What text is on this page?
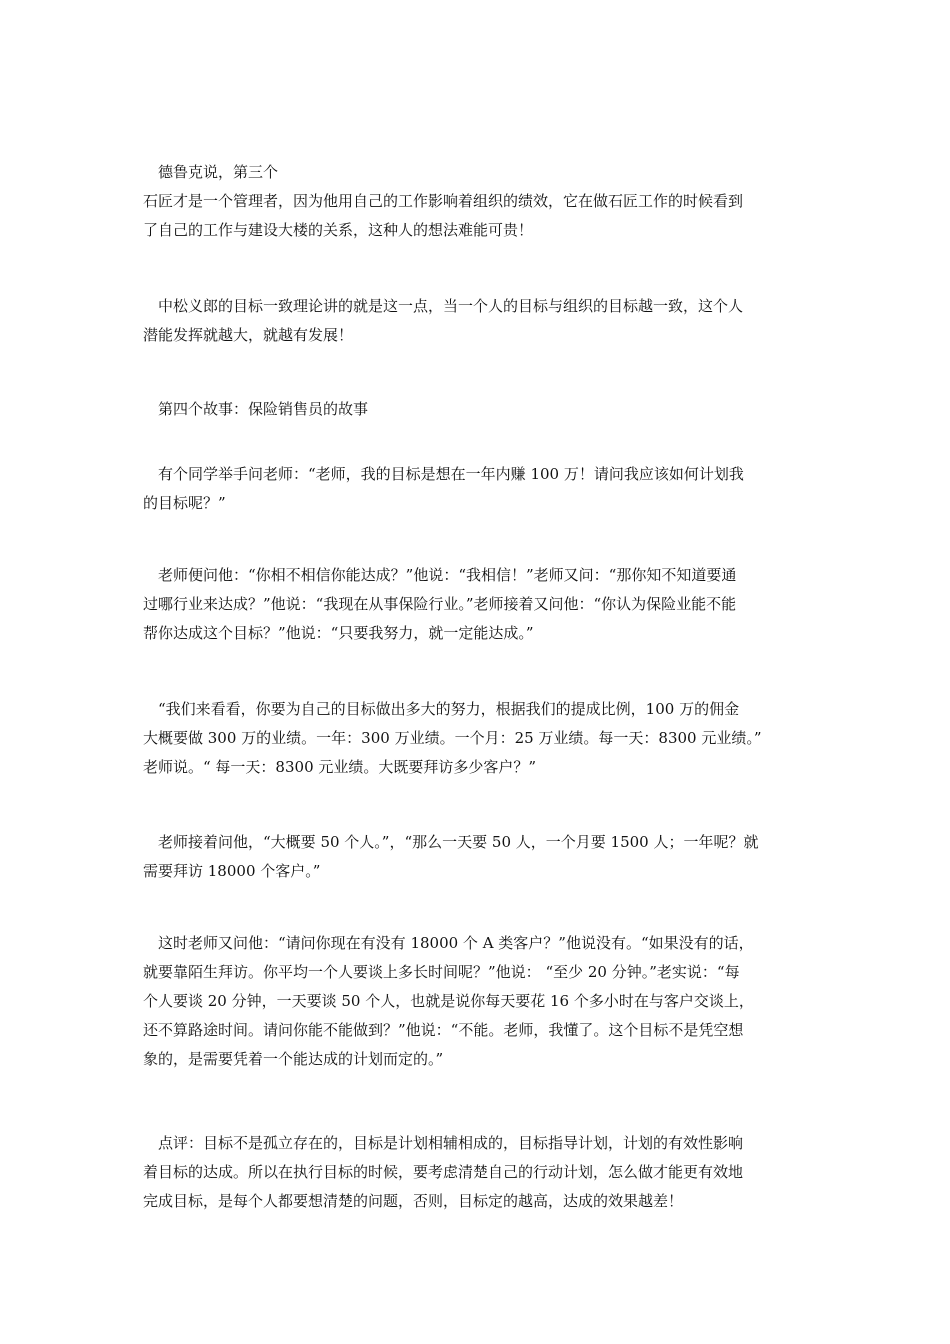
　德鲁克说，第三个
石匠才是一个管理者，因为他用自己的工作影响着组织的绩效，它在做石匠工作的时候看到
了自己的工作与建设大楼的关系，这种人的想法难能可贵！
　中松义郎的目标一致理论讲的就是这一点，当一个人的目标与组织的目标越一致，这个人
潜能发挥就越大，就越有发展！
　第四个故事：保险销售员的故事
　有个同学举手问老师：“老师，我的目标是想在一年内赚 100 万！请问我应该如何计划我
的目标呢？”
　老师便问他：“你相不相信你能达成？”他说：“我相信！”老师又问：“那你知不知道要通
过哪行业来达成？”他说：“我现在从事保险行业。”老师接着又问他：“你认为保险业能不能
帮你达成这个目标？”他说：“只要我努力，就一定能达成。”
　“我们来看看，你要为自己的目标做出多大的努力，根据我们的提成比例，100 万的佣金
大概要做 300 万的业绩。一年：300 万业绩。一个月：25 万业绩。每一天：8300 元业绩。”
老师说。“ 每一天：8300 元业绩。大既要拜访多少客户？”
　老师接着问他，“大概要 50 个人。”，“那么一天要 50 人，一个月要 1500 人；一年呢？就
需要拜访 18000 个客户。”
　这时老师又问他：“请问你现在有没有 18000 个 A 类客户？”他说没有。“如果没有的话，
就要靠陌生拜访。你平均一个人要谈上多长时间呢？”他说： “至少 20 分钟。”老实说：“每
个人要谈 20 分钟，一天要谈 50 个人，也就是说你每天要花 16 个多小时在与客户交谈上，
还不算路途时间。请问你能不能做到？”他说：“不能。老师，我懂了。这个目标不是凭空想
象的，是需要凭着一个能达成的计划而定的。”
　点评：目标不是孤立存在的，目标是计划相辅相成的，目标指导计划，计划的有效性影响
着目标的达成。所以在执行目标的时候，要考虑清楚自己的行动计划，怎么做才能更有效地
完成目标，是每个人都要想清楚的问题，否则，目标定的越高，达成的效果越差！
